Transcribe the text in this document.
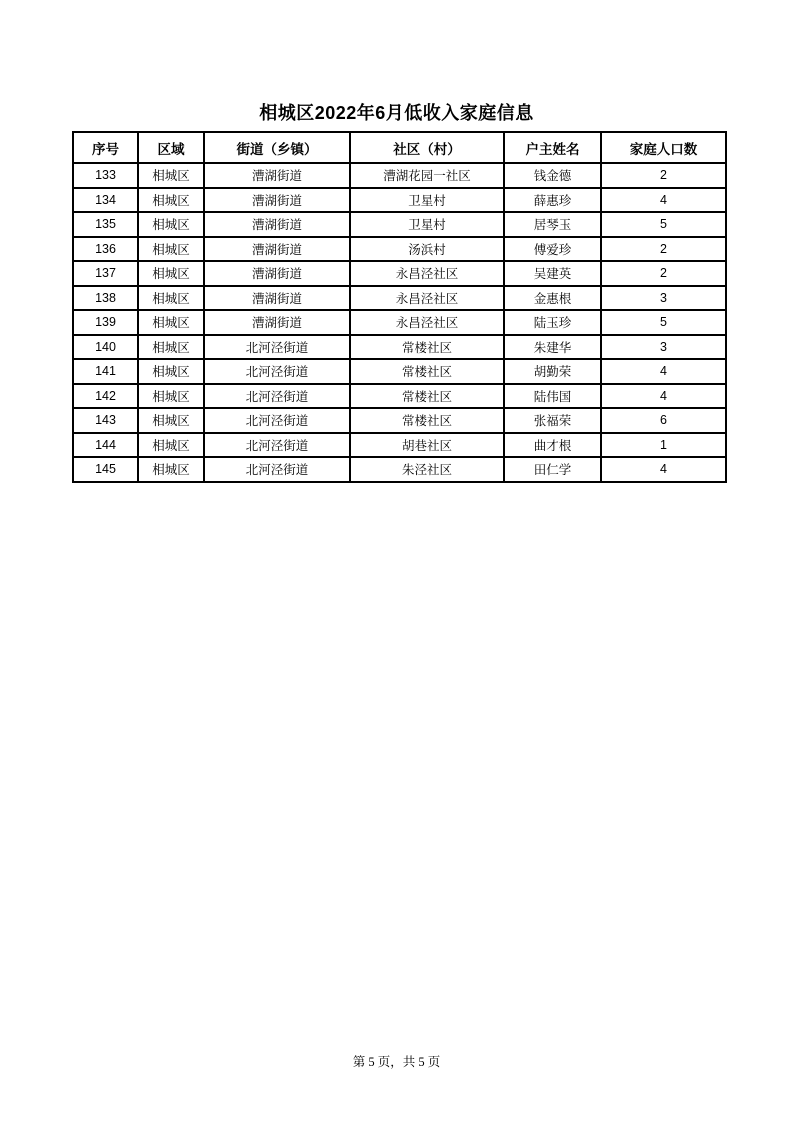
相城区2022年6月低收入家庭信息
序号	区域	街道（乡镇）	社区（村）	户主姓名	家庭人口数
133	相城区	漕湖街道	漕湖花园一社区	钱金德	2
134	相城区	漕湖街道	卫星村	薛惠珍	4
135	相城区	漕湖街道	卫星村	居琴玉	5
136	相城区	漕湖街道	汤浜村	傅爱珍	2
137	相城区	漕湖街道	永昌泾社区	吴建英	2
138	相城区	漕湖街道	永昌泾社区	金惠根	3
139	相城区	漕湖街道	永昌泾社区	陆玉珍	5
140	相城区	北河泾街道	常楼社区	朱建华	3
141	相城区	北河泾街道	常楼社区	胡勤荣	4
142	相城区	北河泾街道	常楼社区	陆伟国	4
143	相城区	北河泾街道	常楼社区	张福荣	6
144	相城区	北河泾街道	胡巷社区	曲才根	1
145	相城区	北河泾街道	朱泾社区	田仁学	4
第 5 页，共 5 页
